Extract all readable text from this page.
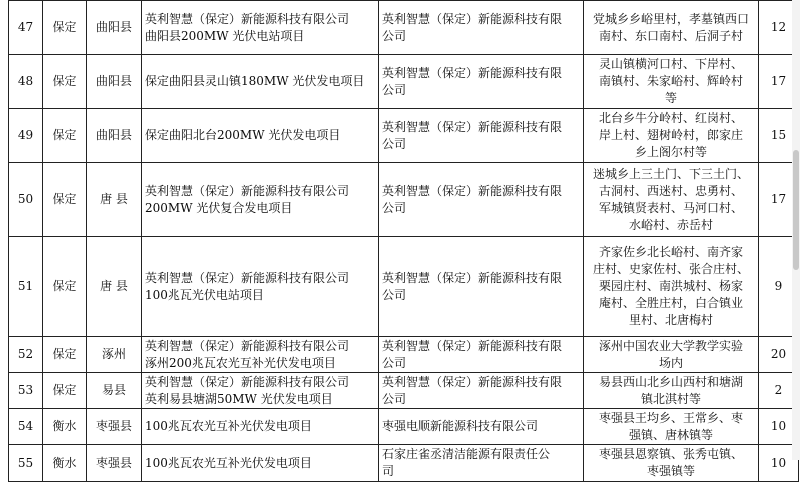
47	保定	曲阳县	英利智慧（保定）新能源科技有限公司
曲阳县200MW 光伏电站项目	英利智慧（保定）新能源科技有限
公司	党城乡乡峪里村，孝墓镇西口
南村、东口南村、后洞子村	12
48	保定	曲阳县	保定曲阳县灵山镇180MW 光伏发电项目	英利智慧（保定）新能源科技有限
公司	灵山镇横河口村、下岸村、
南镇村、朱家峪村、辉岭村
等	17
49	保定	曲阳县	保定曲阳北台200MW 光伏发电项目	英利智慧（保定）新能源科技有限
公司	北台乡牛分岭村、红岗村、
岸上村、翅树岭村，郎家庄
乡上阁尔村等	15
50	保定	唐 县	英利智慧（保定）新能源科技有限公司
200MW 光伏复合发电项目	英利智慧（保定）新能源科技有限
公司	迷城乡上三土门、下三土门、
古洞村、西迷村、忠勇村、
军城镇贤表村、马河口村、
水峪村、赤岳村	17
51	保定	唐 县	英利智慧（保定）新能源科技有限公司
100兆瓦光伏电站项目	英利智慧（保定）新能源科技有限
公司	齐家佐乡北长峪村、南齐家
庄村、史家佐村、张合庄村、
栗园庄村、南洪城村、杨家
庵村、全胜庄村，白合镇业
里村、北唐梅村	9
52	保定	涿州	英利智慧（保定）新能源科技有限公司
涿州200兆瓦农光互补光伏发电项目	英利智慧（保定）新能源科技有限
公司	涿州中国农业大学教学实验
场内	20
53	保定	易县	英利智慧（保定）新能源科技有限公司
英利易县塘湖50MW 光伏发电项目	英利智慧（保定）新能源科技有限
公司	易县西山北乡山西村和塘湖
镇北淇村等	2
54	衡水	枣强县	100兆瓦农光互补光伏发电项目	枣强电顺新能源科技有限公司	枣强县王均乡、王常乡、枣
强镇、唐林镇等	10
55	衡水	枣强县	100兆瓦农光互补光伏发电项目	石家庄雀丞清洁能源有限责任公
司	枣强县恩察镇、张秀屯镇、
枣强镇等	10
